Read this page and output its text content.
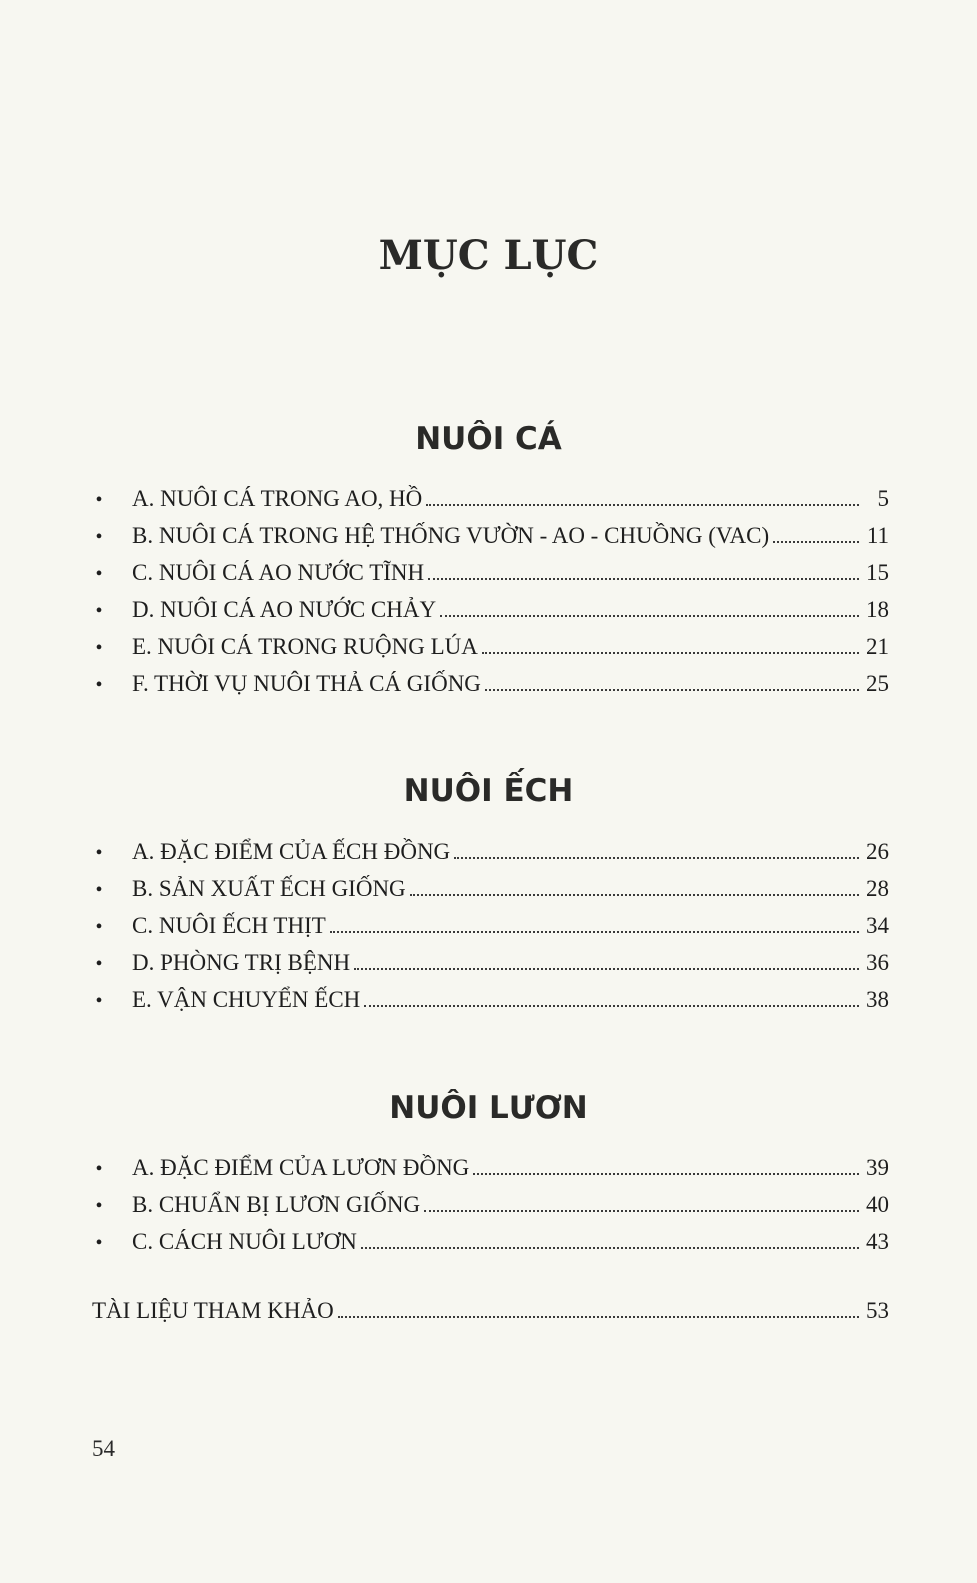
MỤC LỤC
NUÔI CÁ
• A. NUÔI CÁ TRONG AO, HỒ	5
• B. NUÔI CÁ TRONG HỆ THỐNG VƯỜN - AO - CHUỒNG (VAC)	11
• C. NUÔI CÁ AO NƯỚC TĨNH	15
• D. NUÔI CÁ AO NƯỚC CHẢY	18
• E. NUÔI CÁ TRONG RUỘNG LÚA	21
• F. THỜI VỤ NUÔI THẢ CÁ GIỐNG	25
NUÔI ẾCH
• A. ĐẶC ĐIỂM CỦA ẾCH ĐỒNG	26
• B. SẢN XUẤT ẾCH GIỐNG	28
• C. NUÔI ẾCH THỊT	34
• D. PHÒNG TRỊ BỆNH	36
• E. VẬN CHUYỂN ẾCH	38
NUÔI LƯƠN
• A. ĐẶC ĐIỂM CỦA LƯƠN ĐỒNG	39
• B. CHUẨN BỊ LƯƠN GIỐNG	40
• C. CÁCH NUÔI LƯƠN	43
TÀI LIỆU THAM KHẢO	53
54
